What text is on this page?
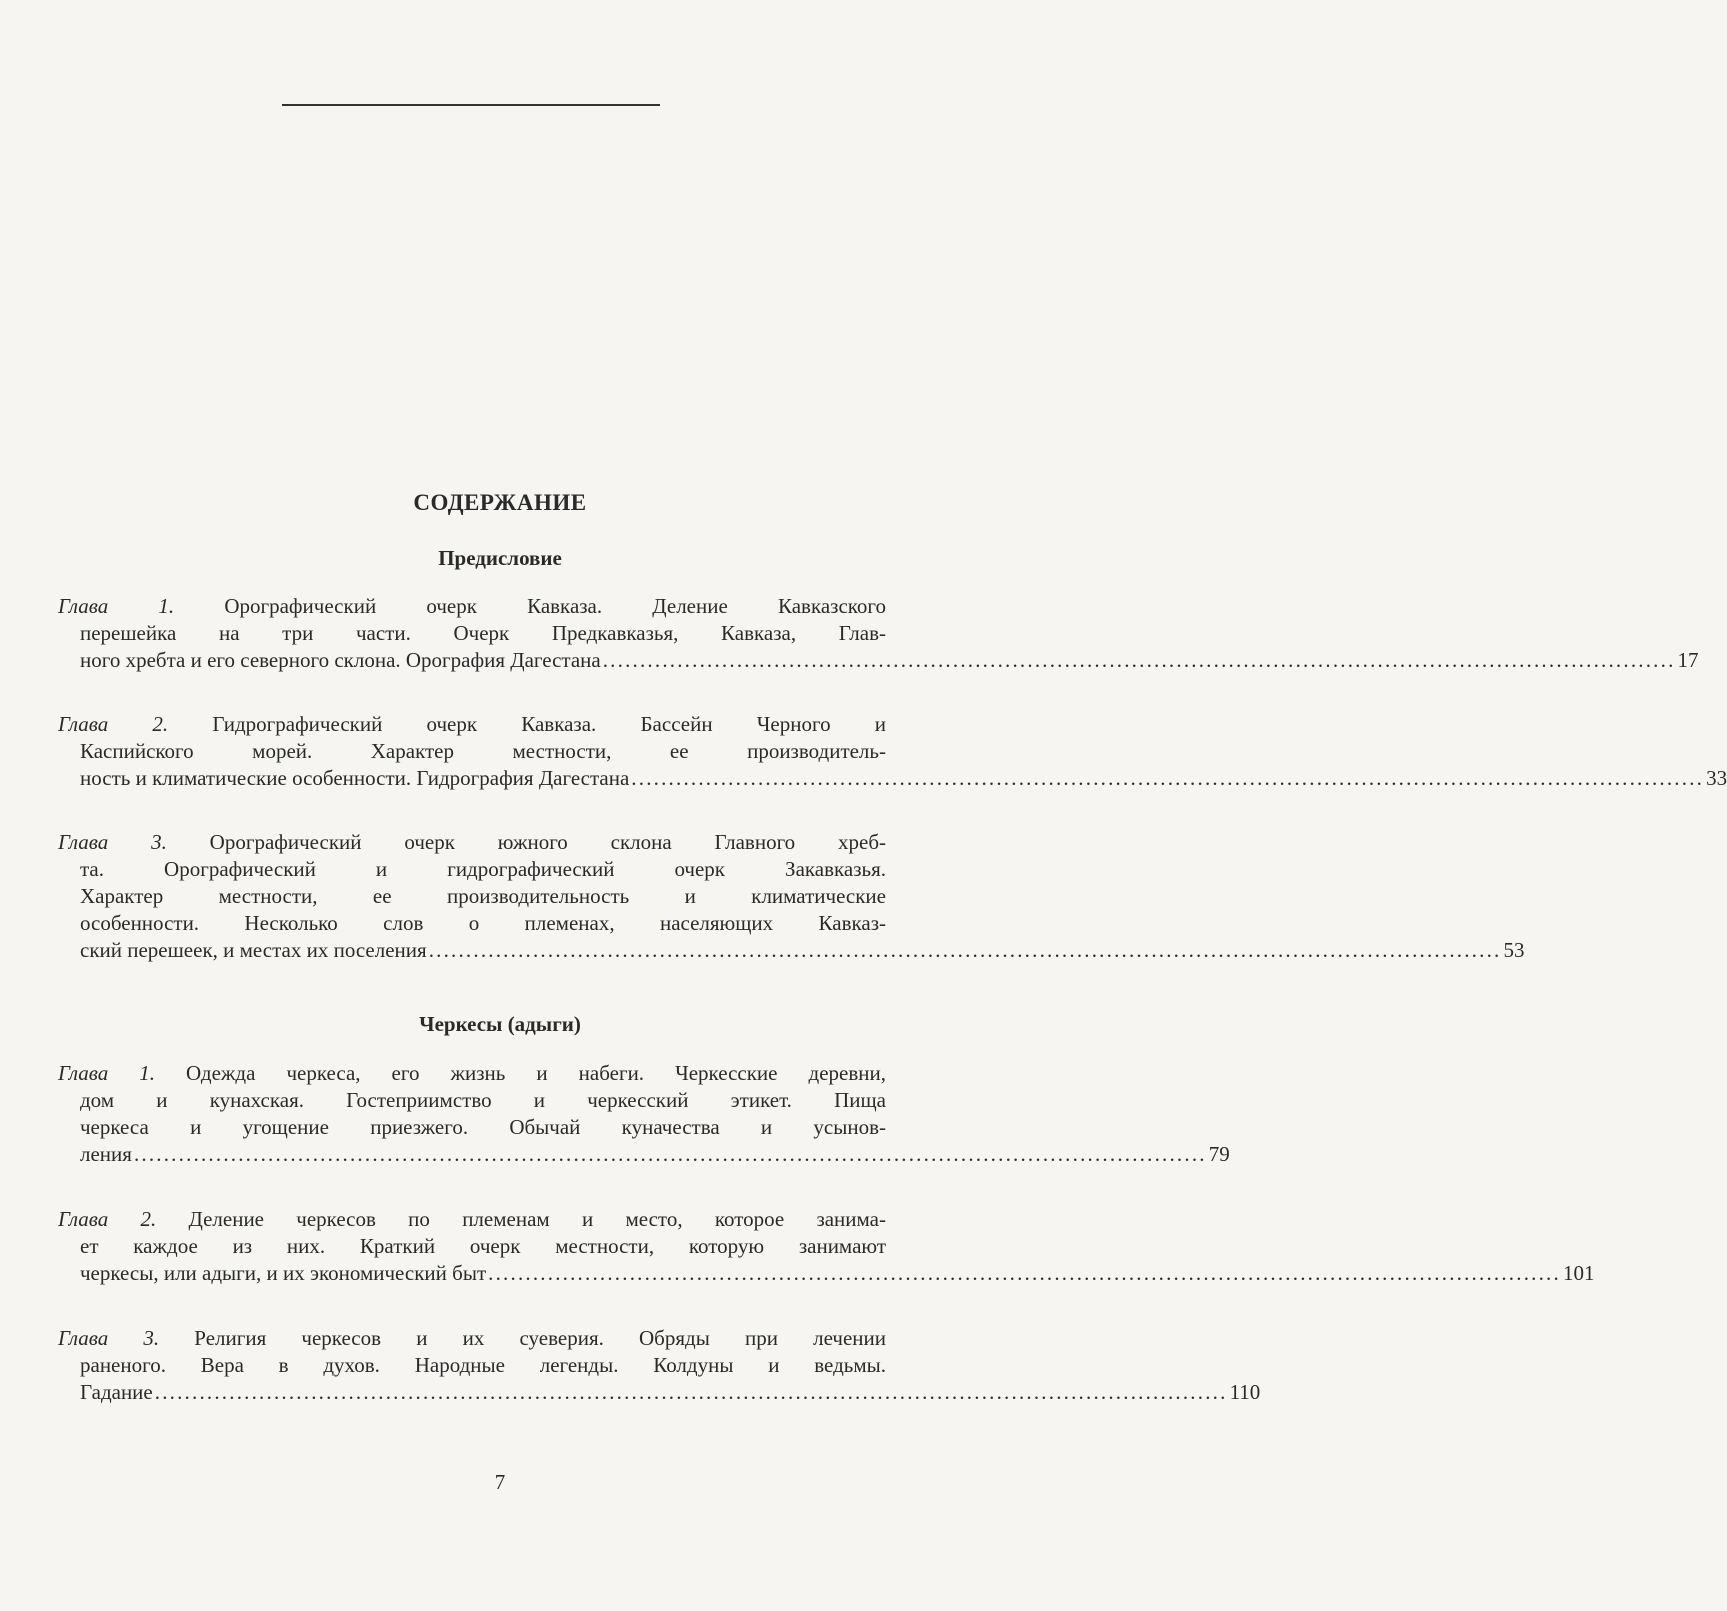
СОДЕРЖАНИЕ
Предисловие
Глава 1. Орографический очерк Кавказа. Деление Кавказского
перешейка на три части. Очерк Предкавказья, Кавказа, Глав-
ного хребта и его северного склона. Орография Дагестана ................................................................................................................................................ 17
Глава 2. Гидрографический очерк Кавказа. Бассейн Черного и
Каспийского морей. Характер местности, ее производитель-
ность и климатические особенности. Гидрография Дагестана ................................................................................................................................................ 33
Глава 3. Орографический очерк южного склона Главного хреб-
та. Орографический и гидрографический очерк Закавказья.
Характер местности, ее производительность и климатические
особенности. Несколько слов о племенах, населяющих Кавказ-
ский перешеек, и местах их поселения ................................................................................................................................................ 53
Черкесы (адыги)
Глава 1. Одежда черкеса, его жизнь и набеги. Черкесские деревни,
дом и кунахская. Гостеприимство и черкесский этикет. Пища
черкеса и угощение приезжего. Обычай куначества и усынов-
ления ................................................................................................................................................ 79
Глава 2. Деление черкесов по племенам и место, которое занима-
ет каждое из них. Краткий очерк местности, которую занимают
черкесы, или адыги, и их экономический быт ................................................................................................................................................ 101
Глава 3. Религия черкесов и их суеверия. Обряды при лечении
раненого. Вера в духов. Народные легенды. Колдуны и ведьмы.
Гадание ................................................................................................................................................ 110
7
